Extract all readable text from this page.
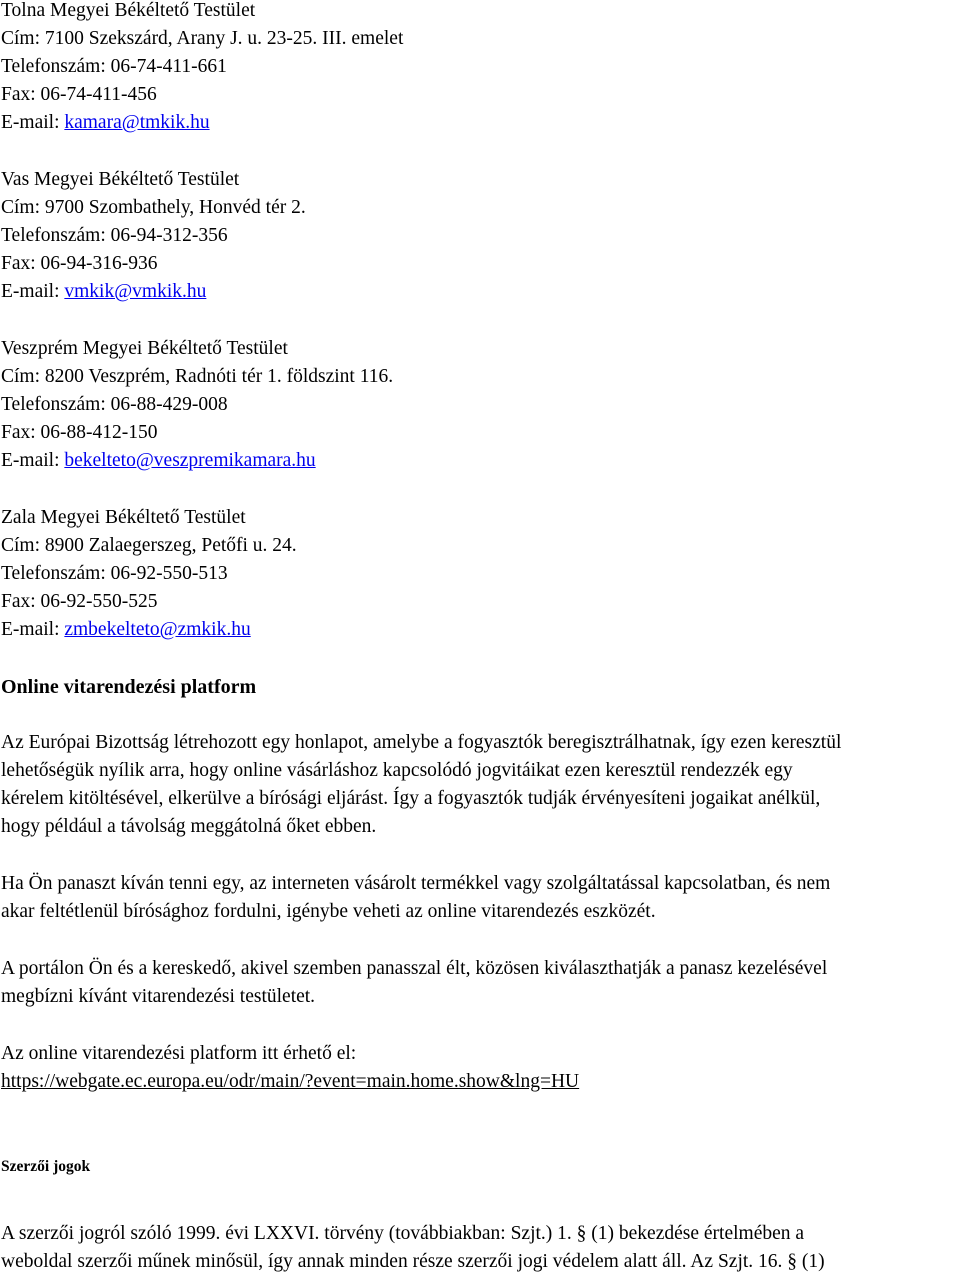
Tolna Megyei Békéltető Testület
Cím: 7100 Szekszárd, Arany J. u. 23-25. III. emelet
Telefonszám: 06-74-411-661
Fax: 06-74-411-456
E-mail: kamara@tmkik.hu
Vas Megyei Békéltető Testület
Cím: 9700 Szombathely, Honvéd tér 2.
Telefonszám: 06-94-312-356
Fax: 06-94-316-936
E-mail: vmkik@vmkik.hu
Veszprém Megyei Békéltető Testület
Cím: 8200 Veszprém, Radnóti tér 1. földszint 116.
Telefonszám: 06-88-429-008
Fax: 06-88-412-150
E-mail: bekelteto@veszpremikamara.hu
Zala Megyei Békéltető Testület
Cím: 8900 Zalaegerszeg, Petőfi u. 24.
Telefonszám: 06-92-550-513
Fax: 06-92-550-525
E-mail: zmbekelteto@zmkik.hu
Online vitarendezési platform
Az Európai Bizottság létrehozott egy honlapot, amelybe a fogyasztók beregisztrálhatnak, így ezen keresztül
lehetőségük nyílik arra, hogy online vásárláshoz kapcsolódó jogvitáikat ezen keresztül rendezzék egy
kérelem kitöltésével, elkerülve a bírósági eljárást. Így a fogyasztók tudják érvényesíteni jogaikat anélkül,
hogy például a távolság meggátolná őket ebben.
Ha Ön panaszt kíván tenni egy, az interneten vásárolt termékkel vagy szolgáltatással kapcsolatban, és nem
akar feltétlenül bírósághoz fordulni, igénybe veheti az online vitarendezés eszközét.
A portálon Ön és a kereskedő, akivel szemben panasszal élt, közösen kiválaszthatják a panasz kezelésével
megbízni kívánt vitarendezési testületet.
Az online vitarendezési platform itt érhető el:
https://webgate.ec.europa.eu/odr/main/?event=main.home.show&lng=HU
Szerzői jogok
A szerzői jogról szóló 1999. évi LXXVI. törvény (továbbiakban: Szjt.) 1. § (1) bekezdése értelmében a
weboldal szerzői műnek minősül, így annak minden része szerzői jogi védelem alatt áll. Az Szjt. 16. § (1)
